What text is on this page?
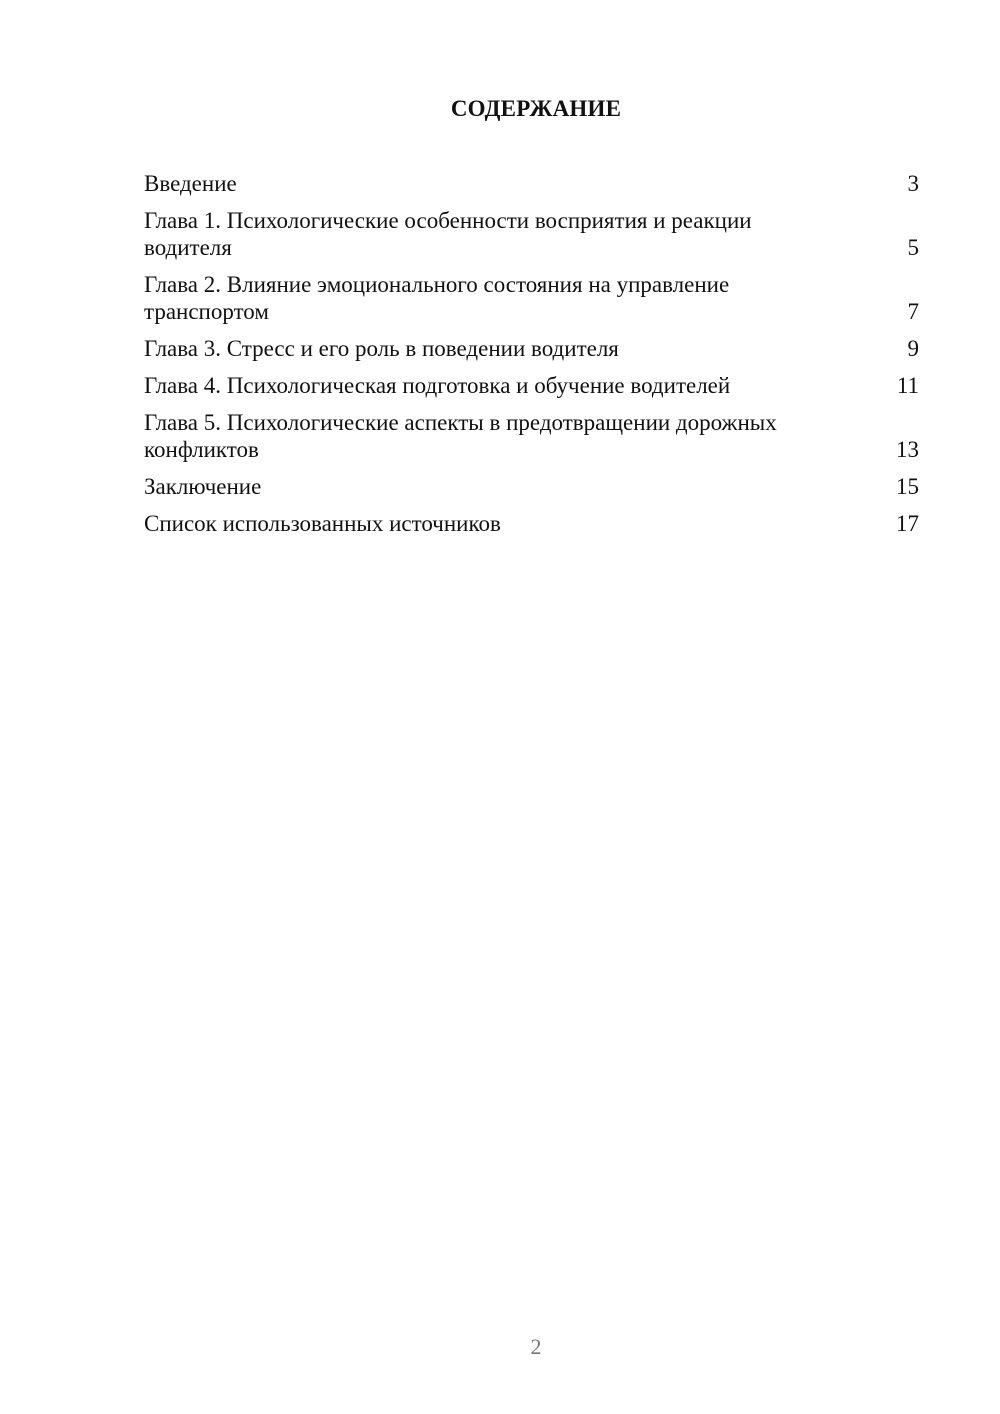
СОДЕРЖАНИЕ
Введение	3
Глава 1. Психологические особенности восприятия и реакции водителя	5
Глава 2. Влияние эмоционального состояния на управление транспортом	7
Глава 3. Стресс и его роль в поведении водителя	9
Глава 4. Психологическая подготовка и обучение водителей	11
Глава 5. Психологические аспекты в предотвращении дорожных конфликтов	13
Заключение	15
Список использованных источников	17
2
